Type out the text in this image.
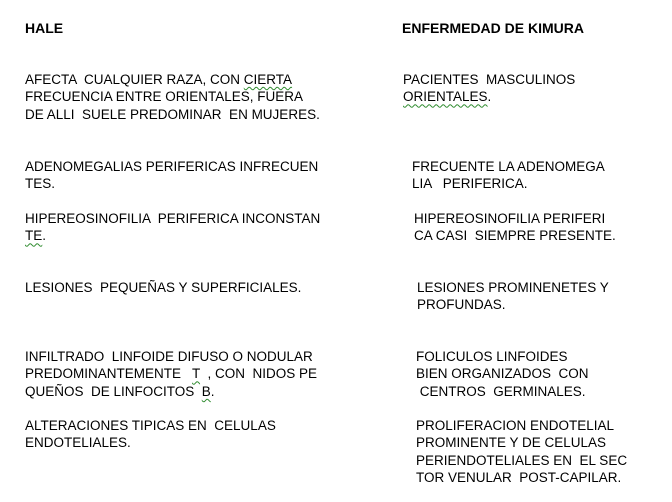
HALE	ENFERMEDAD DE KIMURA

AFECTA  CUALQUIER RAZA, CON CIERTA
FRECUENCIA ENTRE ORIENTALES, FUERA
DE ALLI  SUELE PREDOMINAR  EN MUJERES.
PACIENTES  MASCULINOS
ORIENTALES.
ADENOMEGALIAS PERIFERICAS INFRECUEN
TES.
FRECUENTE LA ADENOMEGA
LIA   PERIFERICA.
HIPEREOSINOFILIA  PERIFERICA INCONSTAN
TE.
HIPEREOSINOFILIA PERIFERI
CA CASI  SIEMPRE PRESENTE.
LESIONES  PEQUEÑAS Y SUPERFICIALES.	LESIONES PROMINENETES Y
PROFUNDAS.
INFILTRADO  LINFOIDE DIFUSO O NODULAR
PREDOMINANTEMENTE   T  , CON  NIDOS PE
QUEÑOS  DE LINFOCITOS  B.
FOLICULOS LINFOIDES
BIEN ORGANIZADOS  CON
CENTROS  GERMINALES.
ALTERACIONES TIPICAS EN  CELULAS
ENDOTELIALES.
PROLIFERACION ENDOTELIAL
PROMINENTE Y DE CELULAS
PERIENDOTELIALES EN  EL SEC
TOR VENULAR  POST-CAPILAR.
